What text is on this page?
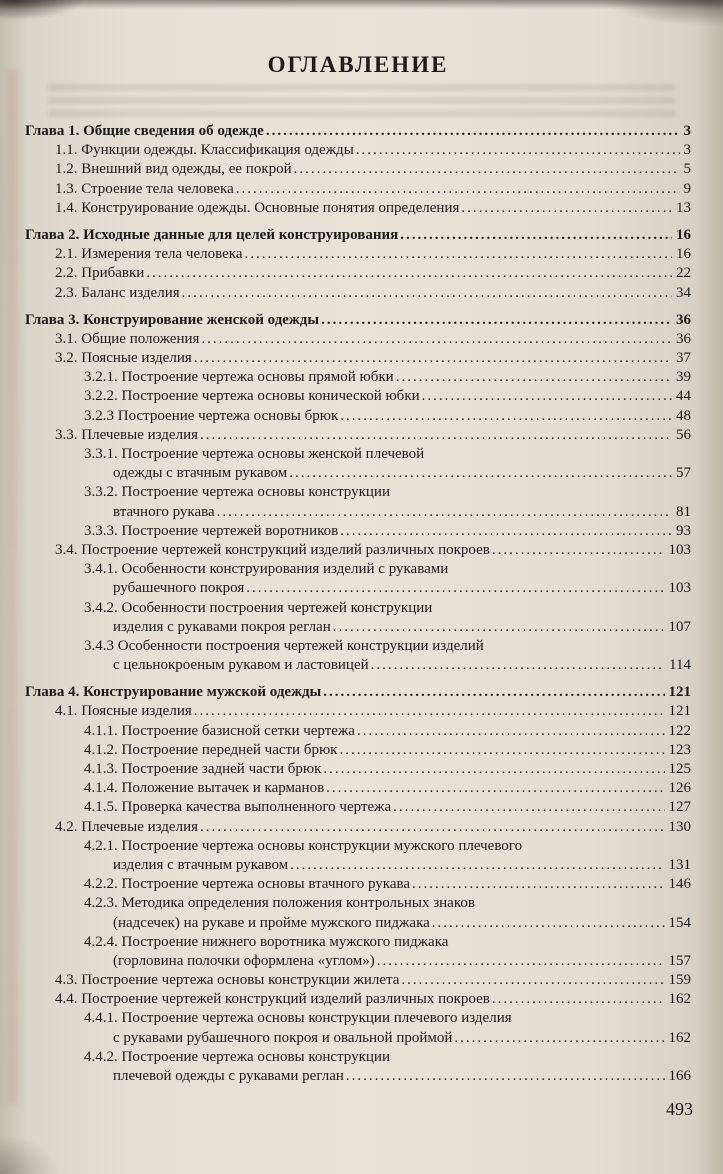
ОГЛАВЛЕНИЕ
Глава 1. Общие сведения об одежде .....	3
1.1. Функции одежды. Классификация одежды .....	3
1.2. Внешний вид одежды, ее покрой .....	5
1.3. Строение тела человека .....	9
1.4. Конструирование одежды. Основные понятия определения .....	13
Глава 2. Исходные данные для целей конструирования .....	16
2.1. Измерения тела человека .....	16
2.2. Прибавки .....	22
2.3. Баланс изделия .....	34
Глава 3. Конструирование женской одежды .....	36
3.1. Общие положения .....	36
3.2. Поясные изделия .....	37
3.2.1. Построение чертежа основы прямой юбки .....	39
3.2.2. Построение чертежа основы конической юбки .....	44
3.2.3 Построение чертежа основы брюк .....	48
3.3. Плечевые изделия .....	56
3.3.1. Построение чертежа основы женской плечевой
одежды с втачным рукавом .....	57
3.3.2. Построение чертежа основы конструкции
втачного рукава .....	81
3.3.3. Построение чертежей воротников .....	93
3.4. Построение чертежей конструкций изделий различных покроев .....	103
3.4.1. Особенности конструирования изделий с рукавами
рубашечного покроя .....	103
3.4.2. Особенности построения чертежей конструкции
изделия с рукавами покроя реглан .....	107
3.4.3 Особенности построения чертежей конструкции изделий
с цельнокроеным рукавом и ластовицей .....	114
Глава 4. Конструирование мужской одежды .....	121
4.1. Поясные изделия .....	121
4.1.1. Построение базисной сетки чертежа .....	122
4.1.2. Построение передней части брюк .....	123
4.1.3. Построение задней части брюк .....	125
4.1.4. Положение вытачек и карманов .....	126
4.1.5. Проверка качества выполненного чертежа .....	127
4.2. Плечевые изделия .....	130
4.2.1. Построение чертежа основы конструкции мужского плечевого
изделия с втачным рукавом .....	131
4.2.2. Построение чертежа основы втачного рукава .....	146
4.2.3. Методика определения положения контрольных знаков
(надсечек) на рукаве и пройме мужского пиджака .....	154
4.2.4. Построение нижнего воротника мужского пиджака
(горловина полочки оформлена «углом») .....	157
4.3. Построение чертежа основы конструкции жилета .....	159
4.4. Построение чертежей конструкций изделий различных покроев .....	162
4.4.1. Построение чертежа основы конструкции плечевого изделия
с рукавами рубашечного покроя и овальной проймой .....	162
4.4.2. Построение чертежа основы конструкции
плечевой одежды с рукавами реглан .....	166
493
